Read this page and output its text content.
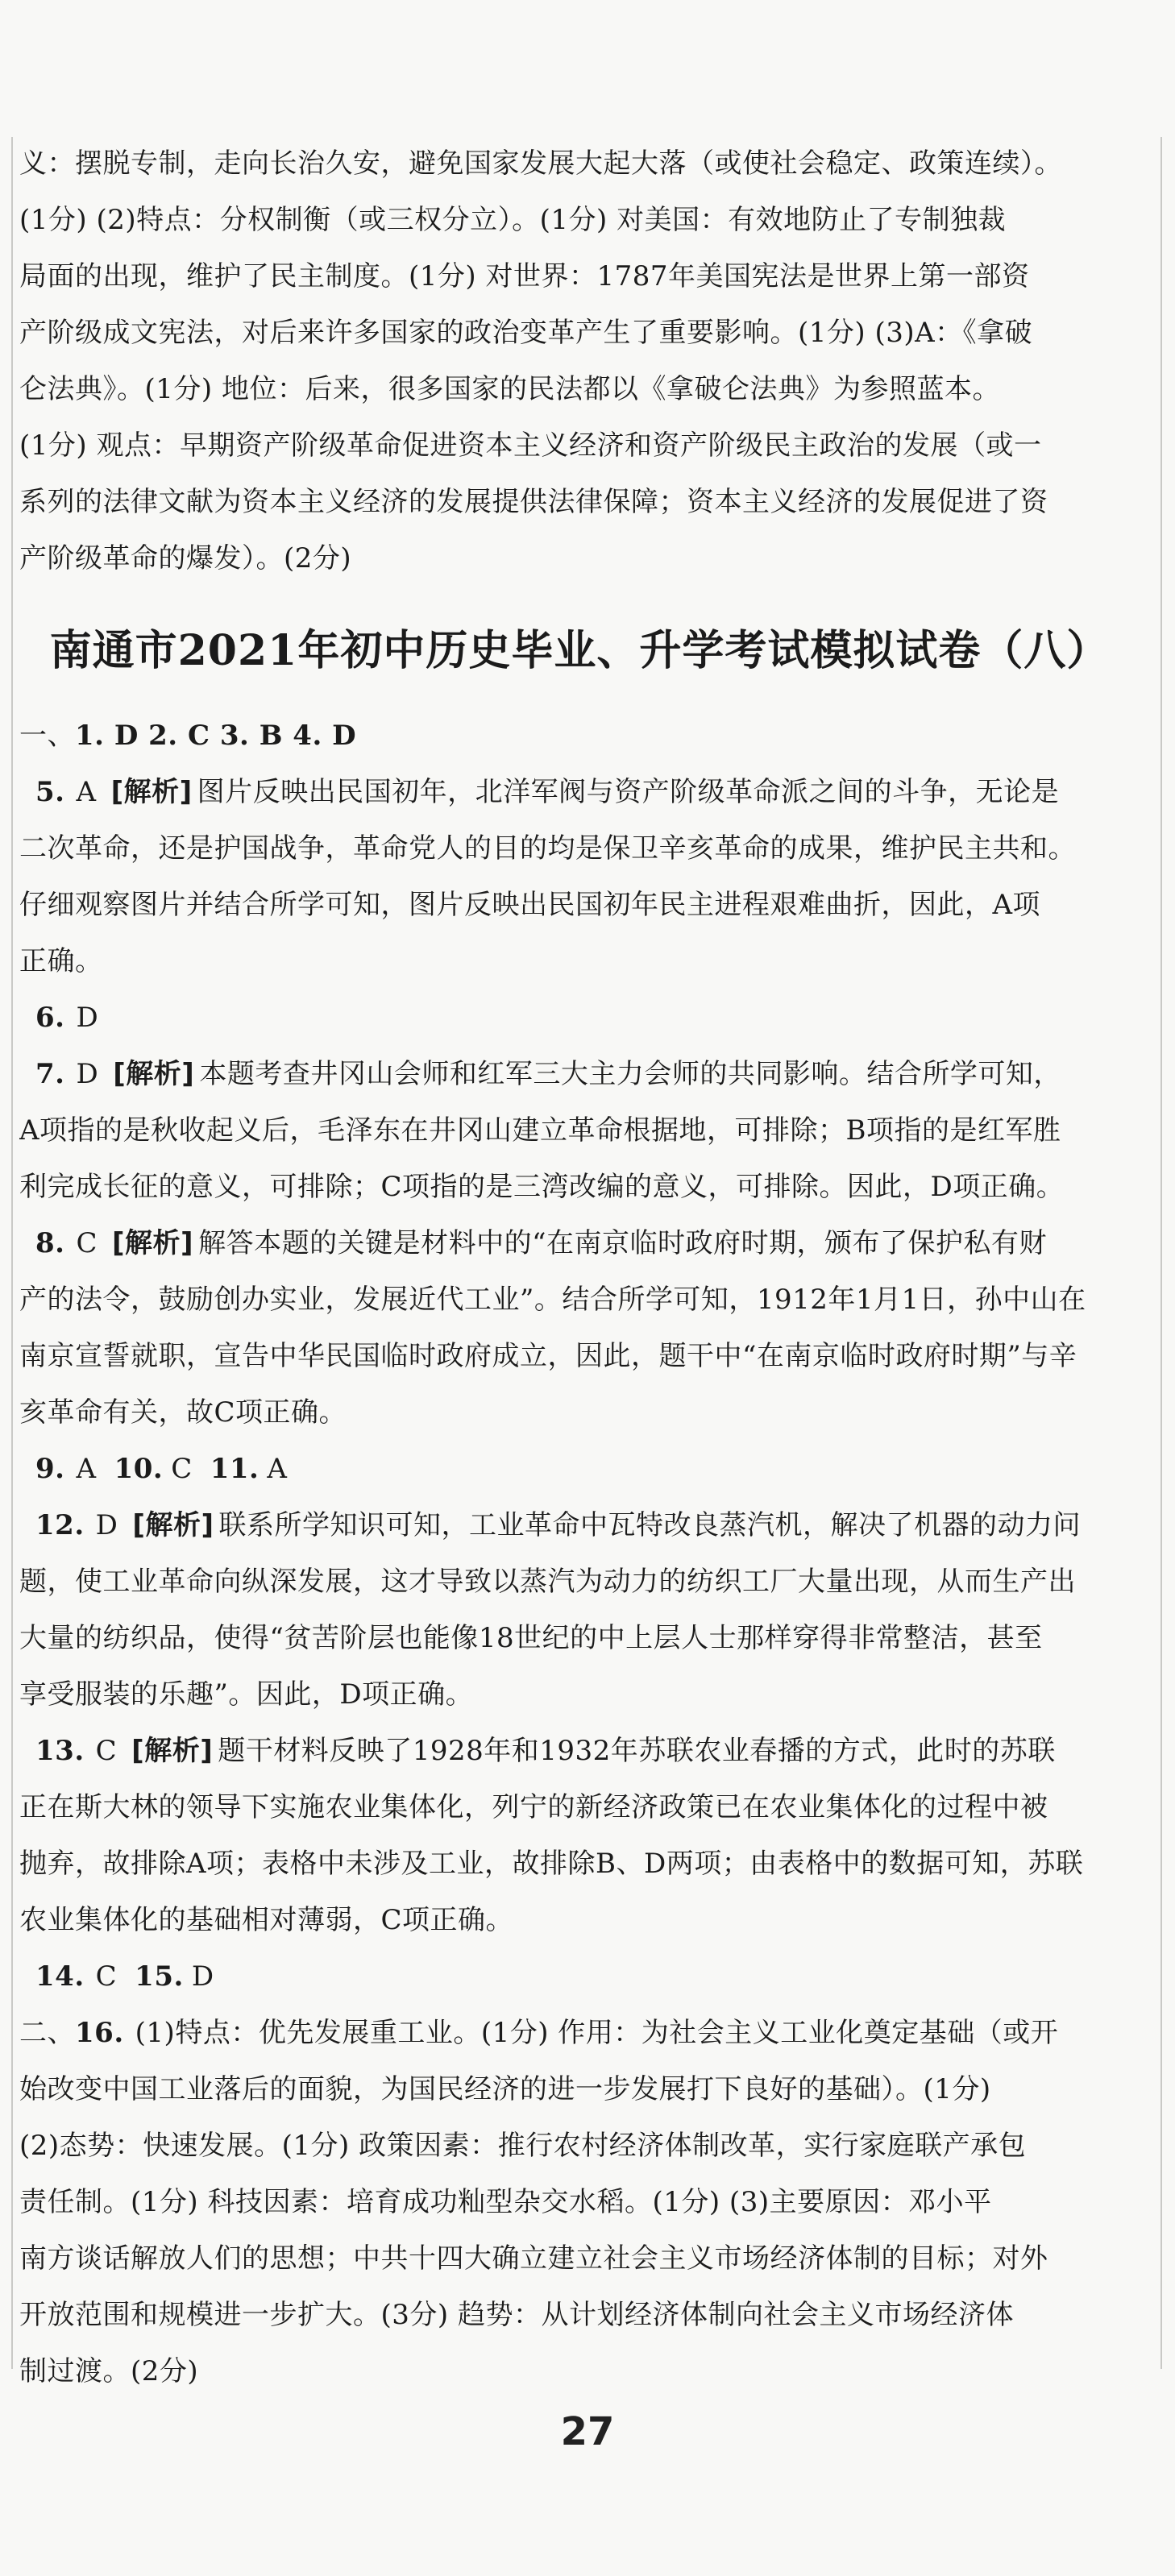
义：摆脱专制，走向长治久安，避免国家发展大起大落（或使社会稳定、政策连续）。
(1分) (2)特点：分权制衡（或三权分立）。(1分) 对美国：有效地防止了专制独裁
局面的出现，维护了民主制度。(1分) 对世界：1787年美国宪法是世界上第一部资
产阶级成文宪法，对后来许多国家的政治变革产生了重要影响。(1分) (3)A：《拿破
仑法典》。(1分) 地位：后来，很多国家的民法都以《拿破仑法典》为参照蓝本。
(1分) 观点：早期资产阶级革命促进资本主义经济和资产阶级民主政治的发展（或一
系列的法律文献为资本主义经济的发展提供法律保障；资本主义经济的发展促进了资
产阶级革命的爆发）。(2分)
南通市2021年初中历史毕业、升学考试模拟试卷（八）
一、1. D 2. C 3. B 4. D
5. A [解析] 图片反映出民国初年，北洋军阀与资产阶级革命派之间的斗争，无论是
二次革命，还是护国战争，革命党人的目的均是保卫辛亥革命的成果，维护民主共和。
仔细观察图片并结合所学可知，图片反映出民国初年民主进程艰难曲折，因此，A项
正确。
6. D
7. D [解析] 本题考查井冈山会师和红军三大主力会师的共同影响。结合所学可知，
A项指的是秋收起义后，毛泽东在井冈山建立革命根据地，可排除；B项指的是红军胜
利完成长征的意义，可排除；C项指的是三湾改编的意义，可排除。因此，D项正确。
8. C [解析] 解答本题的关键是材料中的“在南京临时政府时期，颁布了保护私有财
产的法令，鼓励创办实业，发展近代工业”。结合所学可知，1912年1月1日，孙中山在
南京宣誓就职，宣告中华民国临时政府成立，因此，题干中“在南京临时政府时期”与辛
亥革命有关，故C项正确。
9. A 10. C 11. A
12. D [解析] 联系所学知识可知，工业革命中瓦特改良蒸汽机，解决了机器的动力问
题，使工业革命向纵深发展，这才导致以蒸汽为动力的纺织工厂大量出现，从而生产出
大量的纺织品，使得“贫苦阶层也能像18世纪的中上层人士那样穿得非常整洁，甚至
享受服装的乐趣”。因此，D项正确。
13. C [解析] 题干材料反映了1928年和1932年苏联农业春播的方式，此时的苏联
正在斯大林的领导下实施农业集体化，列宁的新经济政策已在农业集体化的过程中被
抛弃，故排除A项；表格中未涉及工业，故排除B、D两项；由表格中的数据可知，苏联
农业集体化的基础相对薄弱，C项正确。
14. C 15. D
二、16. (1)特点：优先发展重工业。(1分) 作用：为社会主义工业化奠定基础（或开
始改变中国工业落后的面貌，为国民经济的进一步发展打下良好的基础）。(1分)
(2)态势：快速发展。(1分) 政策因素：推行农村经济体制改革，实行家庭联产承包
责任制。(1分) 科技因素：培育成功籼型杂交水稻。(1分) (3)主要原因：邓小平
南方谈话解放人们的思想；中共十四大确立建立社会主义市场经济体制的目标；对外
开放范围和规模进一步扩大。(3分) 趋势：从计划经济体制向社会主义市场经济体
制过渡。(2分)
27
